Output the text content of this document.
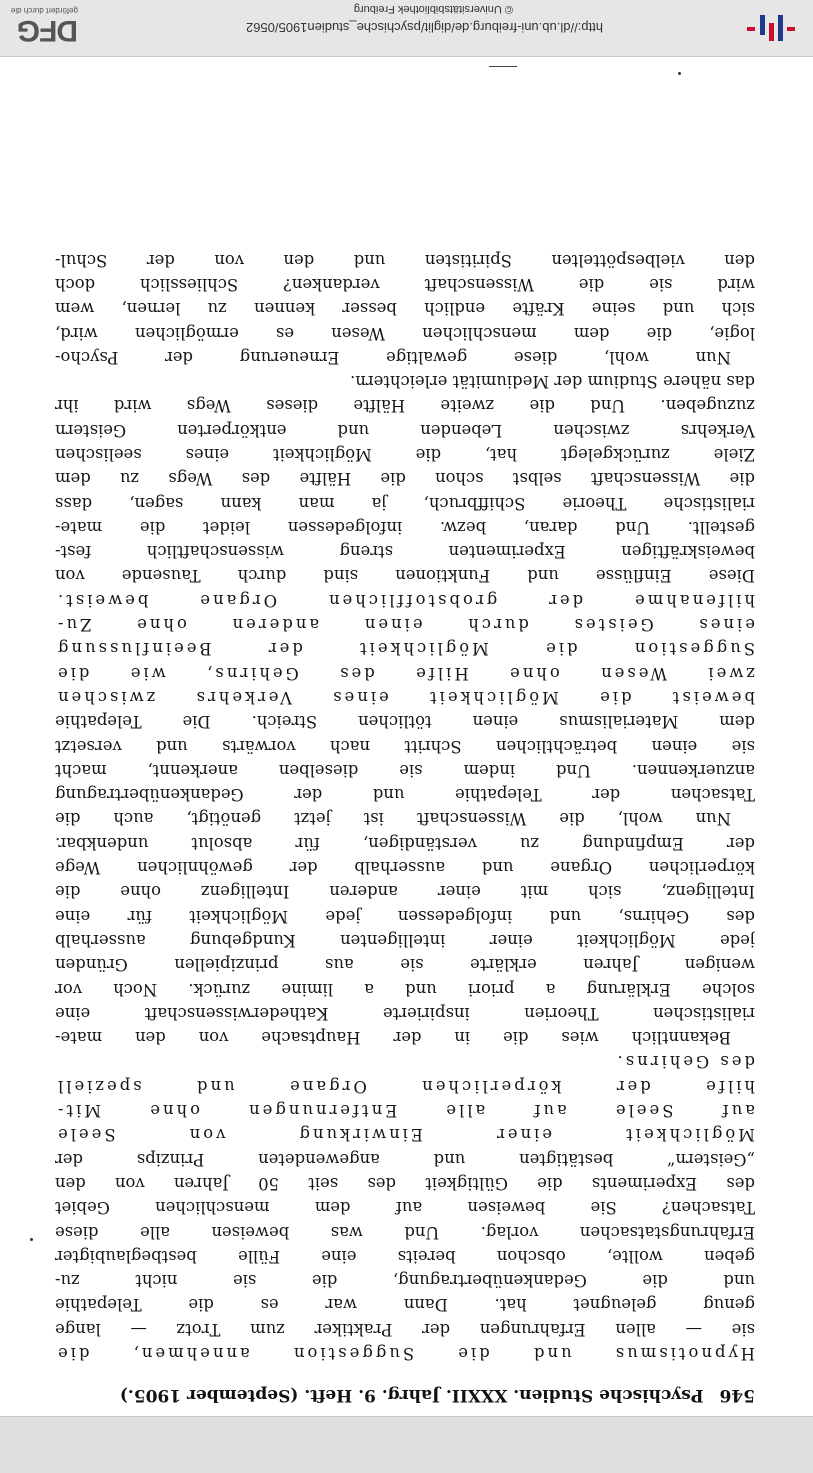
546 Psychische Studien. XXXII. Jahrg. 9. Heft. (September 1905.)
Hypnotismus und die Suggestion annehmen, die
sie — allen Erfahrungen der Praktiker zum Trotz — lange
genug geleugnet hat. Dann war es die Telepathie
und die Gedankenübertragung, die sie nicht zu-
geben wollte, obschon bereits eine Fülle bestbeglaubigter
Erfahrungstatsachen vorlag. Und was beweisen alle diese
Tatsachen? Sie beweisen auf dem menschlichen Gebiet
des Experiments die Gültigkeit des seit 50 Jahren von den
„Geistern“ bestätigten und angewendeten Prinzips der
Möglichkeit einer Einwirkung von Seele
auf Seele auf alle Entfernungen ohne Mit-
hilfe der körperlichen Organe und speziell
des Gehirns.
Bekanntlich wies die in der Hauptsache von den mate-
rialistischen Theorien inspirierte Kathederwissenschaft eine
solche Erklärung a priori und a limine zurück. Noch vor
wenigen Jahren erklärte sie aus prinzipiellen Gründen
jede Möglichkeit einer intelligenten Kundgebung ausserhalb
des Gehirns, und infolgedessen jede Möglichkeit für eine
Intelligenz, sich mit einer anderen Intelligenz ohne die
körperlichen Organe und ausserhalb der gewöhnlichen Wege
der Empfindung zu verständigen, für absolut undenkbar.
Nun wohl, die Wissenschaft ist jetzt genötigt, auch die
Tatsachen der Telepathie und der Gedankenübertragung
anzuerkennen. Und indem sie dieselben anerkennt, macht
sie einen beträchtlichen Schritt nach vorwärts und versetzt
dem Materialismus einen tötlichen Streich. Die Telepathie
beweist die Möglichkeit eines Verkehrs zwischen
zwei Wesen ohne Hilfe des Gehirns, wie die
Suggestion die Möglichkeit der Beeinflussung
eines Geistes durch einen anderen ohne Zu-
hilfenahme der grobstofflichen Organe beweist.
Diese Einflüsse und Funktionen sind durch Tausende von
beweiskräftigen Experimenten streng wissenschaftlich fest-
gestellt. Und daran, bezw. infolgedessen leidet die mate-
rialistische Theorie Schiffbruch, ja man kann sagen, dass
die Wissenschaft selbst schon die Hälfte des Wegs zu dem
Ziele zurückgelegt hat, die Möglichkeit eines seelischen
Verkehrs zwischen Lebenden und entkörperten Geistern
zuzugeben. Und die zweite Hälfte dieses Wegs wird ihr
das nähere Studium der Mediumität erleichtern.
Nun wohl, diese gewaltige Erneuerung der Psycho-
logie, die dem menschlichen Wesen es ermöglichen wird,
sich und seine Kräfte endlich besser kennen zu lernen, wem
wird sie die Wissenschaft verdanken? Schliesslich doch
den vielbespöttelten Spiritisten und den von der Schul-
http://dl.ub.uni-freiburg.de/diglit/psychische_studien1905/0562
© Universitätsbibliothek Freiburg
DFG
gefördert durch die
